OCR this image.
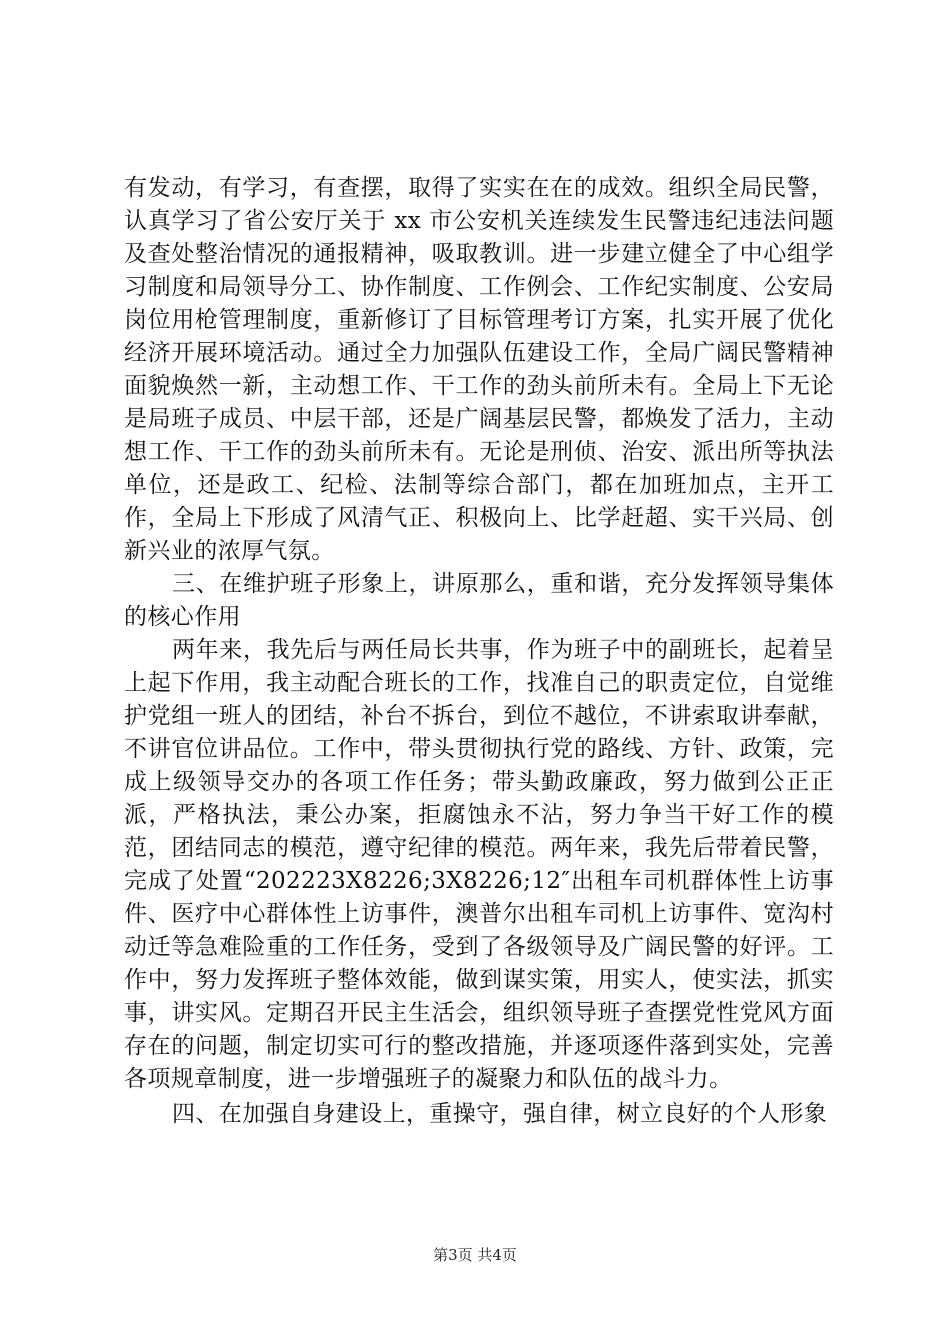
有发动，有学习，有查摆，取得了实实在在的成效。组织全局民警，认真学习了省公安厅关于 xx 市公安机关连续发生民警违纪违法问题及查处整治情况的通报精神，吸取教训。进一步建立健全了中心组学习制度和局领导分工、协作制度、工作例会、工作纪实制度、公安局岗位用枪管理制度，重新修订了目标管理考订方案，扎实开展了优化经济开展环境活动。通过全力加强队伍建设工作，全局广阔民警精神面貌焕然一新，主动想工作、干工作的劲头前所未有。全局上下无论是局班子成员、中层干部，还是广阔基层民警，都焕发了活力，主动想工作、干工作的劲头前所未有。无论是刑侦、治安、派出所等执法单位，还是政工、纪检、法制等综合部门，都在加班加点，主开工作，全局上下形成了风清气正、积极向上、比学赶超、实干兴局、创新兴业的浓厚气氛。

三、在维护班子形象上，讲原那么，重和谐，充分发挥领导集体的核心作用

两年来，我先后与两任局长共事，作为班子中的副班长，起着呈上起下作用，我主动配合班长的工作，找准自己的职责定位，自觉维护党组一班人的团结，补台不拆台，到位不越位，不讲索取讲奉献，不讲官位讲品位。工作中，带头贯彻执行党的路线、方针、政策，完成上级领导交办的各项工作任务；带头勤政廉政，努力做到公正正派，严格执法，秉公办案，拒腐蚀永不沾，努力争当干好工作的模范，团结同志的模范，遵守纪律的模范。两年来，我先后带着民警，完成了处置“202223X8226;3X8226;12″出租车司机群体性上访事件、医疗中心群体性上访事件，澳普尔出租车司机上访事件、宽沟村动迁等急难险重的工作任务，受到了各级领导及广阔民警的好评。工作中，努力发挥班子整体效能，做到谋实策，用实人，使实法，抓实事，讲实风。定期召开民主生活会，组织领导班子查摆党性党风方面存在的问题，制定切实可行的整改措施，并逐项逐件落到实处，完善各项规章制度，进一步增强班子的凝聚力和队伍的战斗力。

四、在加强自身建设上，重操守，强自律，树立良好的个人形象

第3页 共4页
